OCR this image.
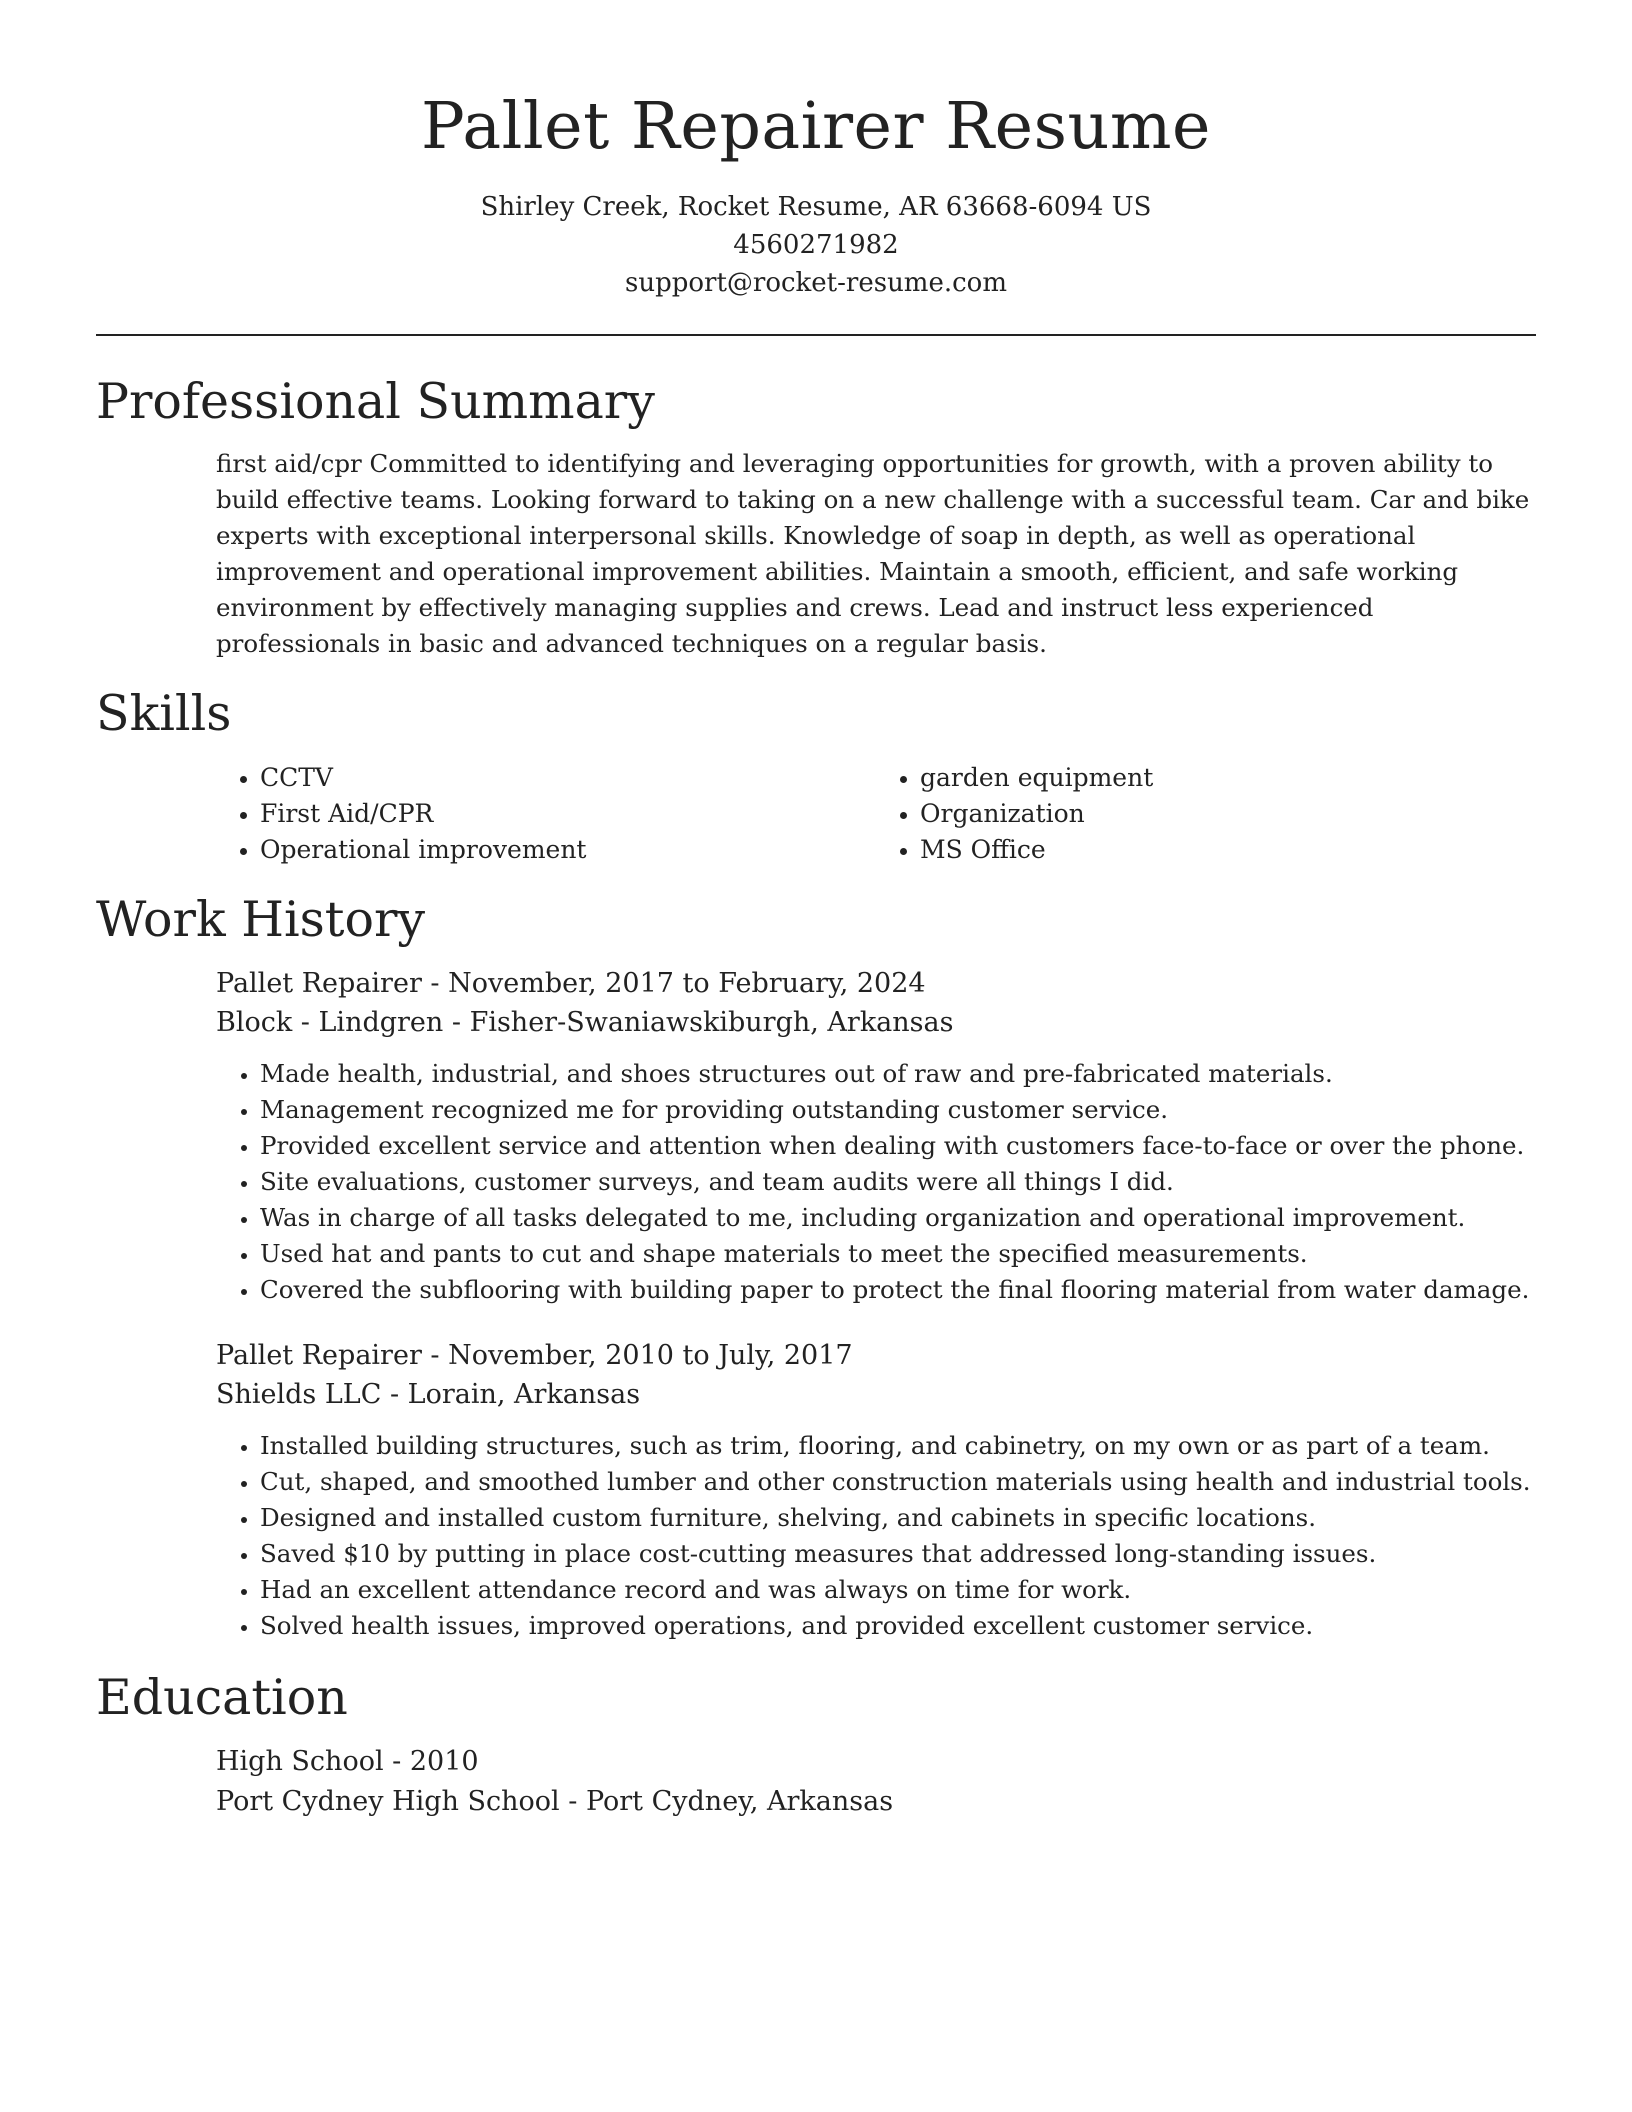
Pallet Repairer Resume
Shirley Creek, Rocket Resume, AR 63668-6094 US
4560271982
support@rocket-resume.com
Professional Summary

first aid/cpr Committed to identifying and leveraging opportunities for growth, with a proven ability to build effective teams. Looking forward to taking on a new challenge with a successful team. Car and bike experts with exceptional interpersonal skills. Knowledge of soap in depth, as well as operational improvement and operational improvement abilities. Maintain a smooth, efficient, and safe working environment by effectively managing supplies and crews. Lead and instruct less experienced professionals in basic and advanced techniques on a regular basis.

Skills
• CCTV
• First Aid/CPR
• Operational improvement
• garden equipment
• Organization
• MS Office
Work History
Pallet Repairer - November, 2017 to February, 2024
Block - Lindgren - Fisher-Swaniawskiburgh, Arkansas
• Made health, industrial, and shoes structures out of raw and pre-fabricated materials.
• Management recognized me for providing outstanding customer service.
• Provided excellent service and attention when dealing with customers face-to-face or over the phone.
• Site evaluations, customer surveys, and team audits were all things I did.
• Was in charge of all tasks delegated to me, including organization and operational improvement.
• Used hat and pants to cut and shape materials to meet the specified measurements.
• Covered the subflooring with building paper to protect the final flooring material from water damage.
Pallet Repairer - November, 2010 to July, 2017
Shields LLC - Lorain, Arkansas
• Installed building structures, such as trim, flooring, and cabinetry, on my own or as part of a team.
• Cut, shaped, and smoothed lumber and other construction materials using health and industrial tools.
• Designed and installed custom furniture, shelving, and cabinets in specific locations.
• Saved $10 by putting in place cost-cutting measures that addressed long-standing issues.
• Had an excellent attendance record and was always on time for work.
• Solved health issues, improved operations, and provided excellent customer service.
Education
High School - 2010
Port Cydney High School - Port Cydney, Arkansas
